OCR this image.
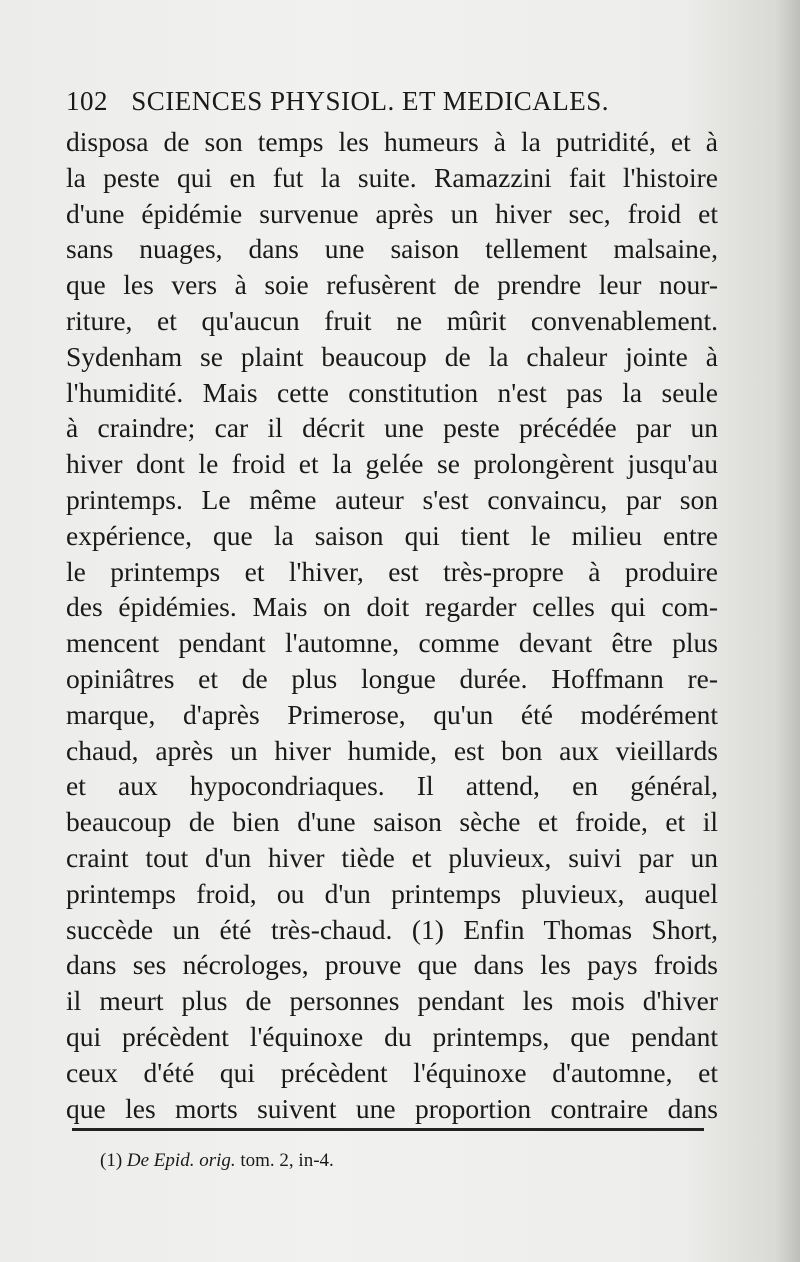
102 SCIENCES PHYSIOL. ET MEDICALES.
disposa de son temps les humeurs à la putridité, et à
la peste qui en fut la suite. Ramazzini fait l'histoire
d'une épidémie survenue après un hiver sec, froid et
sans nuages, dans une saison tellement malsaine,
que les vers à soie refusèrent de prendre leur nour-
riture, et qu'aucun fruit ne mûrit convenablement.
Sydenham se plaint beaucoup de la chaleur jointe à
l'humidité. Mais cette constitution n'est pas la seule
à craindre; car il décrit une peste précédée par un
hiver dont le froid et la gelée se prolongèrent jusqu'au
printemps. Le même auteur s'est convaincu, par son
expérience, que la saison qui tient le milieu entre
le printemps et l'hiver, est très-propre à produire
des épidémies. Mais on doit regarder celles qui com-
mencent pendant l'automne, comme devant être plus
opiniâtres et de plus longue durée. Hoffmann re-
marque, d'après Primerose, qu'un été modérément
chaud, après un hiver humide, est bon aux vieillards
et aux hypocondriaques. Il attend, en général,
beaucoup de bien d'une saison sèche et froide, et il
craint tout d'un hiver tiède et pluvieux, suivi par un
printemps froid, ou d'un printemps pluvieux, auquel
succède un été très-chaud. (1) Enfin Thomas Short,
dans ses nécrologes, prouve que dans les pays froids
il meurt plus de personnes pendant les mois d'hiver
qui précèdent l'équinoxe du printemps, que pendant
ceux d'été qui précèdent l'équinoxe d'automne, et
que les morts suivent une proportion contraire dans
(1) De Epid. orig. tom. 2, in-4.
